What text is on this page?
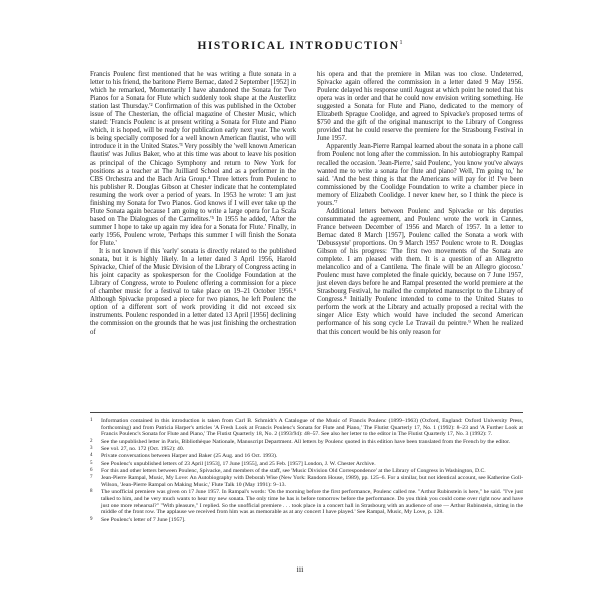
HISTORICAL INTRODUCTION$^1$

Francis Poulenc first mentioned that he was writing a flute sonata in a letter to his friend, the baritone Pierre Bernac, dated 2 September [1952] in which he remarked, 'Momentarily I have abandoned the Sonata for Two Pianos for a Sonata for Flute which suddenly took shape at the Austerlitz station last Thursday.'² Confirmation of this was published in the October issue of The Chesterian, the official magazine of Chester Music, which stated: 'Francis Poulenc is at present writing a Sonata for Flute and Piano which, it is hoped, will be ready for publication early next year. The work is being specially composed for a well known American flautist, who will introduce it in the United States.'³ Very possibly the 'well known American flautist' was Julius Baker, who at this time was about to leave his position as principal of the Chicago Symphony and return to New York for positions as a teacher at The Juilliard School and as a performer in the CBS Orchestra and the Bach Aria Group.⁴ Three letters from Poulenc to his publisher R. Douglas Gibson at Chester indicate that he contemplated resuming the work over a period of years. In 1953 he wrote: 'I am just finishing my Sonata for Two Pianos. God knows if I will ever take up the Flute Sonata again because I am going to write a large opera for La Scala based on The Dialogues of the Carmelites.'⁵ In 1955 he added, 'After the summer I hope to take up again my idea for a Sonata for Flute.' Finally, in early 1956, Poulenc wrote, 'Perhaps this summer I will finish the Sonata for Flute.'

It is not known if this 'early' sonata is directly related to the published sonata, but it is highly likely. In a letter dated 3 April 1956, Harold Spivacke, Chief of the Music Division of the Library of Congress acting in his joint capacity as spokesperson for the Coolidge Foundation at the Library of Congress, wrote to Poulenc offering a commission for a piece of chamber music for a festival to take place on 19–21 October 1956.⁶ Although Spivacke proposed a piece for two pianos, he left Poulenc the option of a different sort of work providing it did not exceed six instruments. Poulenc responded in a letter dated 13 April [1956] declining the commission on the grounds that he was just finishing the orchestration of

his opera and that the premiere in Milan was too close. Undeterred, Spivacke again offered the commission in a letter dated 9 May 1956. Poulenc delayed his response until August at which point he noted that his opera was in order and that he could now envision writing something. He suggested a Sonata for Flute and Piano, dedicated to the memory of Elizabeth Sprague Coolidge, and agreed to Spivacke's proposed terms of $750 and the gift of the original manuscript to the Library of Congress provided that he could reserve the premiere for the Strasbourg Festival in June 1957.

Apparently Jean-Pierre Rampal learned about the sonata in a phone call from Poulenc not long after the commission. In his autobiography Rampal recalled the occasion. 'Jean-Pierre,' said Poulenc, 'you know you've always wanted me to write a sonata for flute and piano? Well, I'm going to,' he said. 'And the best thing is that the Americans will pay for it! I've been commissioned by the Coolidge Foundation to write a chamber piece in memory of Elizabeth Coolidge. I never knew her, so I think the piece is yours.'⁷

Additional letters between Poulenc and Spivacke or his deputies consummated the agreement, and Poulenc wrote the work in Cannes, France between December of 1956 and March of 1957. In a letter to Bernac dated 8 March [1957], Poulenc called the Sonata a work with 'Debussyste' proportions. On 9 March 1957 Poulenc wrote to R. Douglas Gibson of his progress: 'The first two movements of the Sonata are complete. I am pleased with them. It is a question of an Allegretto melancolico and of a Cantilena. The finale will be an Allegro giocoso.' Poulenc must have completed the finale quickly, because on 7 June 1957, just eleven days before he and Rampal presented the world premiere at the Strasbourg Festival, he mailed the completed manuscript to the Library of Congress.⁸ Initially Poulenc intended to come to the United States to perform the work at the Library and actually proposed a recital with the singer Alice Esty which would have included the second American performance of his song cycle Le Travail du peintre.⁹ When he realized that this concert would be his only reason for

1	Information contained in this introduction is taken from Carl B. Schmidt's A Catalogue of the Music of Francis Poulenc (1899–1963) (Oxford, England: Oxford University Press, forthcoming) and from Patricia Harper's articles 'A Fresh Look at Francis Poulenc's Sonata for Flute and Piano,' The Flutist Quarterly 17, No. 1 (1992): 8–23 and 'A Further Look at Francis Poulenc's Sonata for Flute and Piano,' The Flutist Quarterly 18, No. 2 (1993/94): 48–57. See also her letter to the editor in The Flutist Quarterly 17, No. 3 (1992): 7.
2	See the unpublished letter in Paris, Bibliothèque Nationale, Manuscript Department. All letters by Poulenc quoted in this edition have been translated from the French by the editor.
3	See vol. 27, no. 172 (Oct. 1952): 40.
4	Private conversations between Harper and Baker (25 Aug. and 16 Oct. 1993).
5	See Poulenc's unpublished letters of 23 April [1953], 17 June [1955], and 25 Feb. [1957] London, J. W. Chester Archive.
6	For this and other letters between Poulenc, Spivacke, and members of the staff, see 'Music Division Old Correspondence' at the Library of Congress in Washington, D.C.
7	Jean-Pierre Rampal, Music, My Love: An Autobiography with Deborah Wise (New York: Random House, 1989), pp. 125–6. For a similar, but not identical account, see Katherine Goll-Wilson, 'Jean-Pierre Rampal on Making Music,' Flute Talk 10 (May 1991): 9–13.
8	The unofficial premiere was given on 17 June 1957. In Rampal's words: 'On the morning before the first performance, Poulenc called me. "Arthur Rubinstein is here," he said. "I've just talked to him, and he very much wants to hear my new sonata. The only time he has is before tomorrow before the performance. Do you think you could come over right now and have just one more rehearsal?" "With pleasure," I replied. So the unofficial premiere . . . took place in a concert hall in Strasbourg with an audience of one — Arthur Rubinstein, sitting in the middle of the front row. The applause we received from him was as memorable as at any concert I have played.' See Rampal, Music, My Love, p. 128.
9	See Poulenc's letter of 7 June [1957].
iii
